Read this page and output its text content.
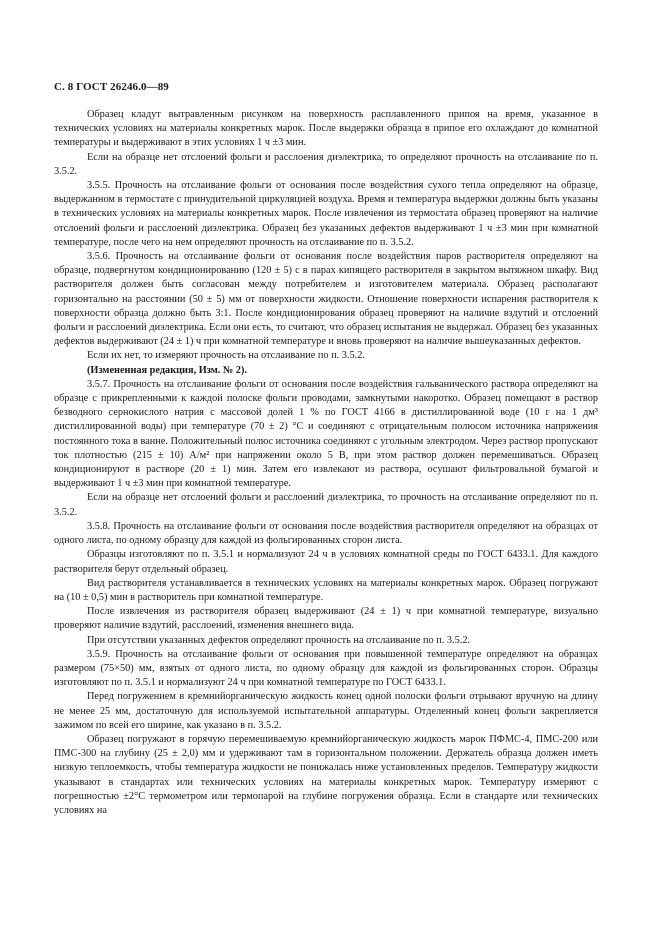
С. 8 ГОСТ 26246.0—89

Образец кладут вытравленным рисунком на поверхность расплавленного припоя на время, указанное в технических условиях на материалы конкретных марок. После выдержки образца в припое его охлаждают до комнатной температуры и выдерживают в этих условиях 1 ч ±3 мин.

Если на образце нет отслоений фольги и расслоения диэлектрика, то определяют прочность на отслаивание по п. 3.5.2.

3.5.5. Прочность на отслаивание фольги от основания после воздействия сухого тепла определяют на образце, выдержанном в термостате с принудительной циркуляцией воздуха. Время и температура выдержки должны быть указаны в технических условиях на материалы конкретных марок. После извлечения из термостата образец проверяют на наличие отслоений фольги и расслоений диэлектрика. Образец без указанных дефектов выдерживают 1 ч ±3 мин при комнатной температуре, после чего на нем определяют прочность на отслаивание по п. 3.5.2.

3.5.6. Прочность на отслаивание фольги от основания после воздействия паров растворителя определяют на образце, подвергнутом кондиционированию (120 ± 5) с в парах кипящего растворителя в закрытом вытяжном шкафу. Вид растворителя должен быть согласован между потребителем и изготовителем материала. Образец располагают горизонтально на расстоянии (50 ± 5) мм от поверхности жидкости. Отношение поверхности испарения растворителя к поверхности образца должно быть 3:1. После кондиционирования образец проверяют на наличие вздутий и отслоений фольги и расслоений диэлектрика. Если они есть, то считают, что образец испытания не выдержал. Образец без указанных дефектов выдерживают (24 ± 1) ч при комнатной температуре и вновь проверяют на наличие вышеуказанных дефектов.

Если их нет, то измеряют прочность на отслаивание по п. 3.5.2.

(Измененная редакция, Изм. № 2).

3.5.7. Прочность на отслаивание фольги от основания после воздействия гальванического раствора определяют на образце с прикрепленными к каждой полоске фольги проводами, замкнутыми накоротко. Образец помещают в раствор безводного сернокислого натрия с массовой долей 1 % по ГОСТ 4166 в дистиллированной воде (10 г на 1 дм³ дистиллированной воды) при температуре (70 ± 2) °С и соединяют с отрицательным полюсом источника напряжения постоянного тока в ванне. Положительный полюс источника соединяют с угольным электродом. Через раствор пропускают ток плотностью (215 ± 10) А/м² при напряжении около 5 В, при этом раствор должен перемешиваться. Образец кондиционируют в растворе (20 ± 1) мин. Затем его извлекают из раствора, осушают фильтровальной бумагой и выдерживают 1 ч ±3 мин при комнатной температуре.

Если на образце нет отслоений фольги и расслоений диэлектрика, то прочность на отслаивание определяют по п. 3.5.2.

3.5.8. Прочность на отслаивание фольги от основания после воздействия растворителя определяют на образцах от одного листа, по одному образцу для каждой из фольгированных сторон листа.

Образцы изготовляют по п. 3.5.1 и нормализуют 24 ч в условиях комнатной среды по ГОСТ 6433.1. Для каждого растворителя берут отдельный образец.

Вид растворителя устанавливается в технических условиях на материалы конкретных марок. Образец погружают на (10 ± 0,5) мин в растворитель при комнатной температуре.

После извлечения из растворителя образец выдерживают (24 ± 1) ч при комнатной температуре, визуально проверяют наличие вздутий, расслоений, изменения внешнего вида.

При отсутствии указанных дефектов определяют прочность на отслаивание по п. 3.5.2.

3.5.9. Прочность на отслаивание фольги от основания при повышенной температуре определяют на образцах размером (75×50) мм, взятых от одного листа, по одному образцу для каждой из фольгированных сторон. Образцы изготовляют по п. 3.5.1 и нормализуют 24 ч при комнатной температуре по ГОСТ 6433.1.

Перед погружением в кремнийорганическую жидкость конец одной полоски фольги отрывают вручную на длину не менее 25 мм, достаточную для используемой испытательной аппаратуры. Отделенный конец фольги закрепляется зажимом по всей его ширине, как указано в п. 3.5.2.

Образец погружают в горячую перемешиваемую кремнийорганическую жидкость марок ПФМС-4, ПМС-200 или ПМС-300 на глубину (25 ± 2,0) мм и удерживают там в горизонтальном положении. Держатель образца должен иметь низкую теплоемкость, чтобы температура жидкости не понижалась ниже установленных пределов. Температуру жидкости указывают в стандартах или технических условиях на материалы конкретных марок. Температуру измеряют с погрешностью ±2°С термометром или термопарой на глубине погружения образца. Если в стандарте или технических условиях на
